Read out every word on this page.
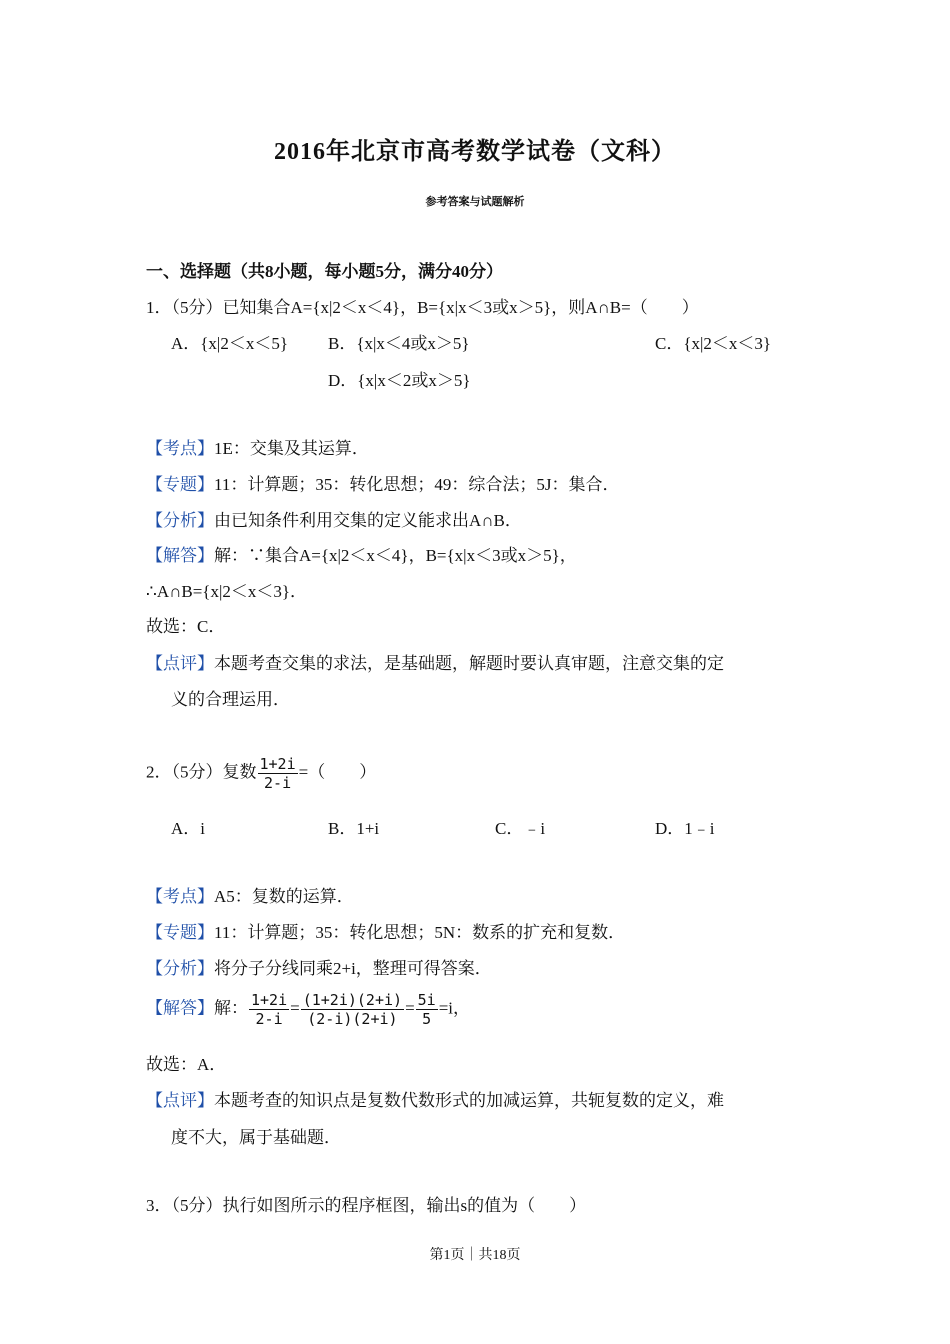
2016年北京市高考数学试卷（文科）
参考答案与试题解析
一、选择题（共8小题，每小题5分，满分40分）
1．（5分）已知集合A={x|2＜x＜4}，B={x|x＜3或x＞5}，则A∩B=（　　）
A．{x|2＜x＜5} B．{x|x＜4或x＞5}	C．{x|2＜x＜3}
D．{x|x＜2或x＞5}
【考点】1E：交集及其运算．
【专题】11：计算题；35：转化思想；49：综合法；5J：集合．
【分析】由已知条件利用交集的定义能求出A∩B．
【解答】解：∵集合A={x|2＜x＜4}，B={x|x＜3或x＞5}，
∴A∩B={x|2＜x＜3}．
故选：C．
【点评】本题考查交集的求法，是基础题，解题时要认真审题，注意交集的定
义的合理运用．
2．（5分）复数 $\frac{1+2i}{2-i}$ =（　　）
A．i	B．1+i	C．﹣i	D．1﹣i
【考点】A5：复数的运算．
【专题】11：计算题；35：转化思想；5N：数系的扩充和复数．
【分析】将分子分线同乘2+i，整理可得答案．
【解答】解： $\frac{1+2i}{2-i} = \frac{(1+2i)(2+i)}{(2-i)(2+i)} = \frac{5i}{5} =i$，
故选：A．
【点评】本题考查的知识点是复数代数形式的加减运算，共轭复数的定义，难
度不大，属于基础题．
3．（5分）执行如图所示的程序框图，输出s的值为（　　）
第1页｜共18页
